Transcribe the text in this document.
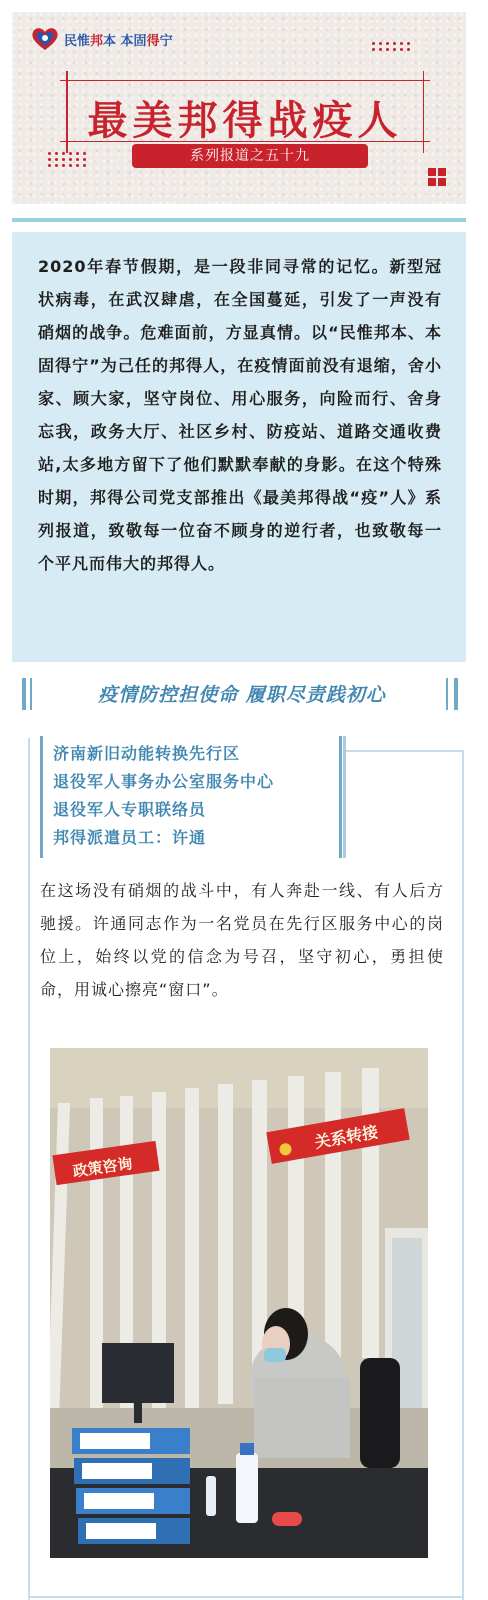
民惟邦本 本固得宁
最美邦得战疫人
系列报道之五十九

2020年春节假期，是一段非同寻常的记忆。新型冠状病毒，在武汉肆虐，在全国蔓延，引发了一声没有硝烟的战争。危难面前，方显真情。以“民惟邦本、本固得宁”为己任的邦得人，在疫情面前没有退缩，舍小家、顾大家，坚守岗位、用心服务，向险而行、舍身忘我，政务大厅、社区乡村、防疫站、道路交通收费站,太多地方留下了他们默默奉献的身影。在这个特殊时期，邦得公司党支部推出《最美邦得战“疫”人》系列报道，致敬每一位奋不顾身的逆行者，也致敬每一个平凡而伟大的邦得人。

疫情防控担使命 履职尽责践初心
济南新旧动能转换先行区
退役军人事务办公室服务中心
退役军人专职联络员
邦得派遣员工：许通
在这场没有硝烟的战斗中，有人奔赴一线、有人后方驰援。许通同志作为一名党员在先行区服务中心的岗位上，始终以党的信念为号召，坚守初心，勇担使命，用诚心擦亮“窗口”。
政策咨询
关系转接
